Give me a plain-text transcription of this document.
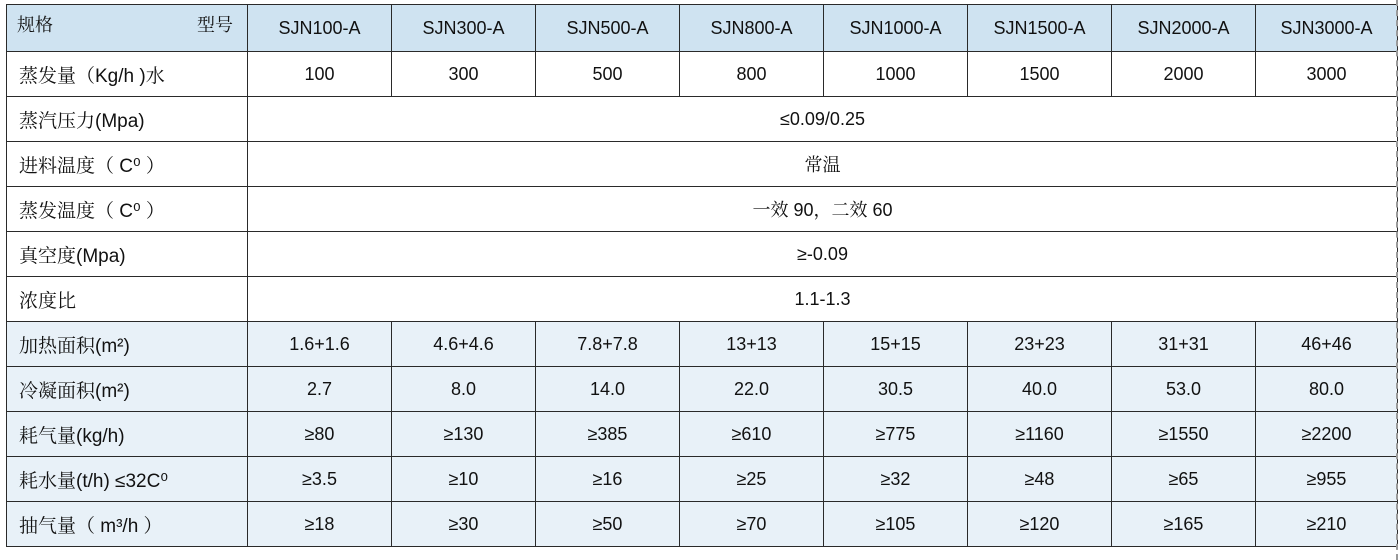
规格 型号	SJN100-A	SJN300-A	SJN500-A	SJN800-A	SJN1000-A	SJN1500-A	SJN2000-A	SJN3000-A
蒸发量（Kg/h )水	100	300	500	800	1000	1500	2000	3000
蒸汽压力(Mpa)	≤0.09/0.25							
进料温度（ C⁰ ）	常温							
蒸发温度（ C⁰ ）	一效 90，二效 60							
真空度(Mpa)	≥-0.09							
浓度比	1.1-1.3							
加热面积(m²)	1.6+1.6	4.6+4.6	7.8+7.8	13+13	15+15	23+23	31+31	46+46
冷凝面积(m²)	2.7	8.0	14.0	22.0	30.5	40.0	53.0	80.0
耗气量(kg/h)	≥80	≥130	≥385	≥610	≥775	≥1160	≥1550	≥2200
耗水量(t/h) ≤32C⁰	≥3.5	≥10	≥16	≥25	≥32	≥48	≥65	≥955
抽气量（ m³/h ）	≥18	≥30	≥50	≥70	≥105	≥120	≥165	≥210
